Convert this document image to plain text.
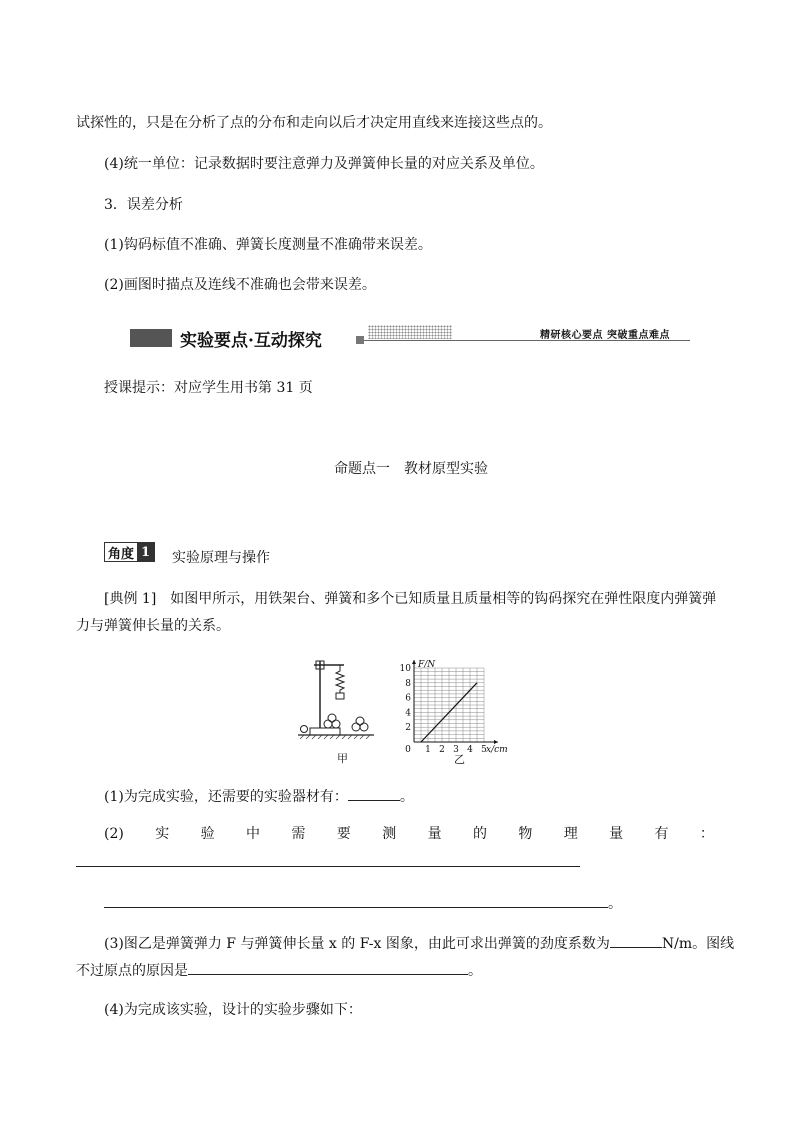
试探性的，只是在分析了点的分布和走向以后才决定用直线来连接这些点的。
(4)统一单位：记录数据时要注意弹力及弹簧伸长量的对应关系及单位。
3．误差分析
(1)钩码标值不准确、弹簧长度测量不准确带来误差。
(2)画图时描点及连线不准确也会带来误差。
实验要点·互动探究	精研核心要点 突破重点难点
授课提示：对应学生用书第 31 页
命题点一　教材原型实验
角度 1 实验原理与操作
[典例 1]　如图甲所示，用铁架台、弹簧和多个已知质量且质量相等的钩码探究在弹性限度内弹簧弹
力与弹簧伸长量的关系。
甲
0 1 2 3 4 5
2
4
6
8
10 F/N
x/cm
乙
(1)为完成实验，还需要的实验器材有：	。
(2) 实 验 中 需 要 测 量 的 物 理 量 有 ：
。
(3)图乙是弹簧弹力 F 与弹簧伸长量 x 的 F-x 图象，由此可求出弹簧的劲度系数为	N/m。图线
不过原点的原因是	。
(4)为完成该实验，设计的实验步骤如下：
